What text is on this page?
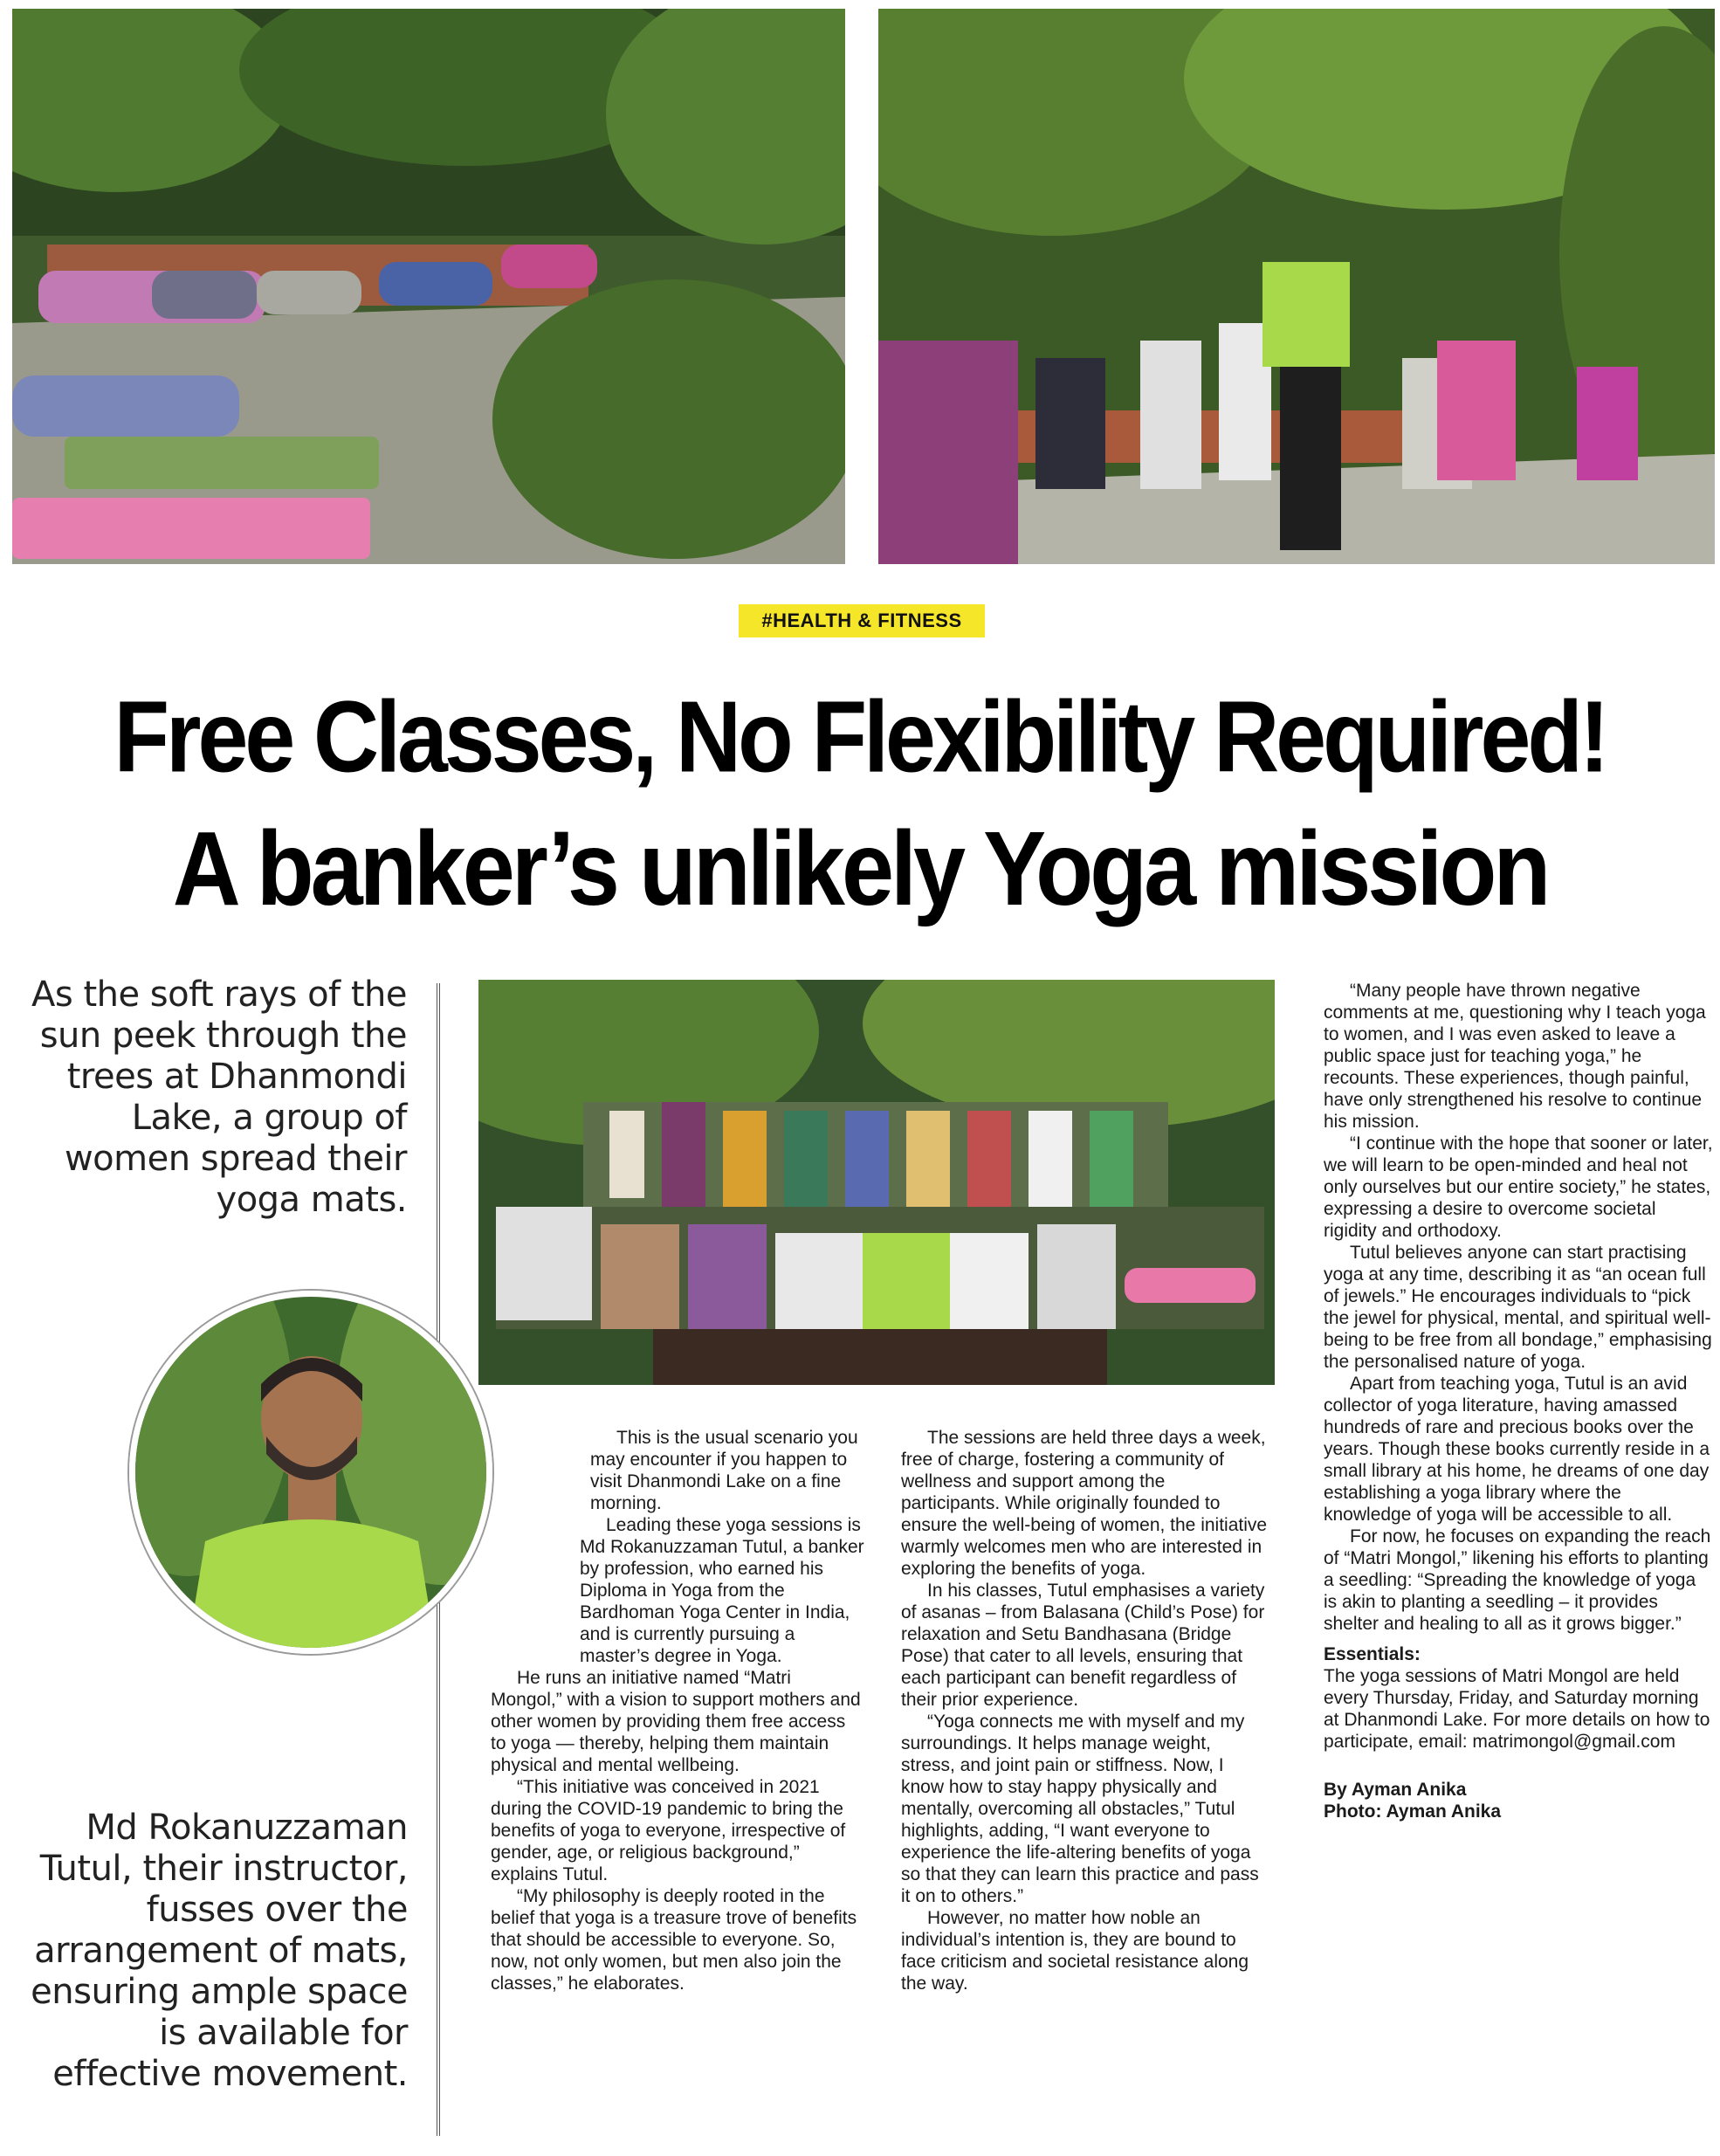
#HEALTH & FITNESS
Free Classes, No Flexibility Required!
A banker’s unlikely Yoga mission
As the soft rays of the sun peek through the trees at Dhanmondi Lake, a group of women spread their yoga mats.
Md Rokanuzzaman Tutul, their instructor, fusses over the arrangement of mats, ensuring ample space is available for effective movement.

This is the usual scenario you may encounter if you happen to visit Dhanmondi Lake on a fine morning.

Leading these yoga sessions is Md Rokanuzzaman Tutul, a banker by profession, who earned his Diploma in Yoga from the Bardhoman Yoga Center in India, and is currently pursuing a master’s degree in Yoga.

He runs an initiative named “Matri Mongol,” with a vision to support mothers and other women by providing them free access to yoga — thereby, helping them maintain physical and mental wellbeing.

“This initiative was conceived in 2021 during the COVID-19 pandemic to bring the benefits of yoga to everyone, irrespective of gender, age, or religious background,” explains Tutul.

“My philosophy is deeply rooted in the belief that yoga is a treasure trove of benefits that should be accessible to everyone. So, now, not only women, but men also join the classes,” he elaborates.

The sessions are held three days a week, free of charge, fostering a community of wellness and support among the participants. While originally founded to ensure the well-being of women, the initiative warmly welcomes men who are interested in exploring the benefits of yoga.

In his classes, Tutul emphasises a variety of asanas – from Balasana (Child’s Pose) for relaxation and Setu Bandhasana (Bridge Pose) that cater to all levels, ensuring that each participant can benefit regardless of their prior experience.

“Yoga connects me with myself and my surroundings. It helps manage weight, stress, and joint pain or stiffness. Now, I know how to stay happy physically and mentally, overcoming all obstacles,” Tutul highlights, adding, “I want everyone to experience the life-altering benefits of yoga so that they can learn this practice and pass it on to others.”

However, no matter how noble an individual’s intention is, they are bound to face criticism and societal resistance along the way.

“Many people have thrown negative comments at me, questioning why I teach yoga to women, and I was even asked to leave a public space just for teaching yoga,” he recounts. These experiences, though painful, have only strengthened his resolve to continue his mission.

“I continue with the hope that sooner or later, we will learn to be open-minded and heal not only ourselves but our entire society,” he states, expressing a desire to overcome societal rigidity and orthodoxy.

Tutul believes anyone can start practising yoga at any time, describing it as “an ocean full of jewels.” He encourages individuals to “pick the jewel for physical, mental, and spiritual well-being to be free from all bondage,” emphasising the personalised nature of yoga.

Apart from teaching yoga, Tutul is an avid collector of yoga literature, having amassed hundreds of rare and precious books over the years. Though these books currently reside in a small library at his home, he dreams of one day establishing a yoga library where the knowledge of yoga will be accessible to all.

For now, he focuses on expanding the reach of “Matri Mongol,” likening his efforts to planting a seedling: “Spreading the knowledge of yoga is akin to planting a seedling – it provides shelter and healing to all as it grows bigger.”

Essentials:

The yoga sessions of Matri Mongol are held every Thursday, Friday, and Saturday morning at Dhanmondi Lake. For more details on how to participate, email: matrimongol@gmail.com

By Ayman Anika

Photo: Ayman Anika
